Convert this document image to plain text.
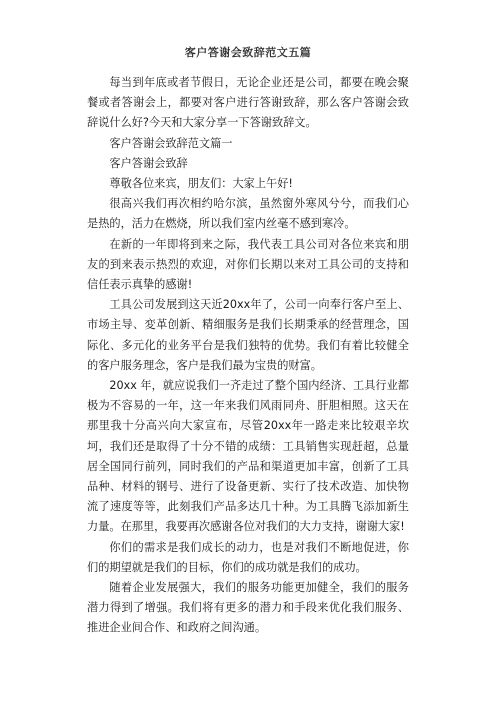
客户答谢会致辞范文五篇

每当到年底或者节假日，无论企业还是公司，都要在晚会聚餐或者答谢会上，都要对客户进行答谢致辞，那么客户答谢会致辞说什么好?今天和大家分享一下答谢致辞文。

客户答谢会致辞范文篇一

客户答谢会致辞

尊敬各位来宾，朋友们：大家上午好!

很高兴我们再次相约哈尔滨，虽然窗外寒风兮兮，而我们心是热的，活力在燃烧，所以我们室内丝毫不感到寒冷。

在新的一年即将到来之际，我代表工具公司对各位来宾和朋友的到来表示热烈的欢迎，对你们长期以来对工具公司的支持和信任表示真挚的感谢!

工具公司发展到这天近20xx年了，公司一向奉行客户至上、市场主导、変革创新、精细服务是我们长期秉承的经营理念，国际化、多元化的业务平台是我们独特的优势。我们有着比较健全的客户服务理念，客户是我们最为宝贵的财富。

20xx 年，就应说我们一齐走过了整个国内经济、工具行业都极为不容易的一年，这一年来我们风雨同舟、肝胆相照。这天在那里我十分高兴向大家宣布，尽管20xx年一路走来比较艰辛坎坷，我们还是取得了十分不错的成绩：工具销售实现赶超，总量居全国同行前列，同时我们的产品和渠道更加丰富，创新了工具品种、材料的钢号、进行了设备更新、实行了技术改造、加快物流了速度等等，此刻我们产品多达几十种。为工具腾飞添加新生力量。在那里，我要再次感谢各位对我们的大力支持，谢谢大家!

你们的需求是我们成长的动力，也是对我们不断地促进，你们的期望就是我们的目标，你们的成功就是我们的成功。

随着企业发展强大，我们的服务功能更加健全，我们的服务潜力得到了增强。我们将有更多的潜力和手段来优化我们服务、推进企业间合作、和政府之间沟通。
